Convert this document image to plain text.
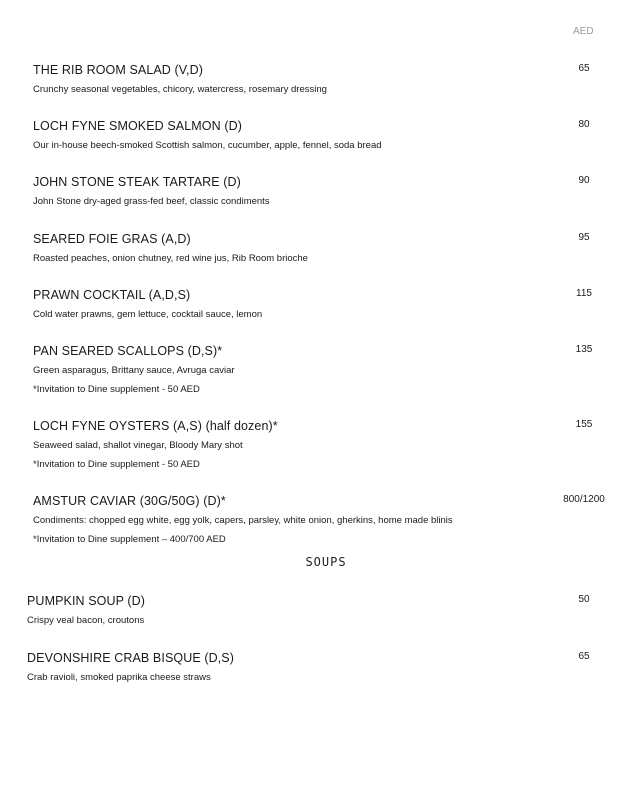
AED
THE RIB ROOM SALAD (V,D)
Crunchy seasonal vegetables, chicory, watercress, rosemary dressing
65
LOCH FYNE SMOKED SALMON (D)
Our in-house beech-smoked Scottish salmon, cucumber, apple, fennel, soda bread
80
JOHN STONE STEAK TARTARE (D)
John Stone dry-aged grass-fed beef, classic condiments
90
SEARED FOIE GRAS (A,D)
Roasted peaches, onion chutney, red wine jus, Rib Room brioche
95
PRAWN COCKTAIL (A,D,S)
Cold water prawns, gem lettuce, cocktail sauce, lemon
115
PAN SEARED SCALLOPS (D,S)*
Green asparagus, Brittany sauce, Avruga caviar
*Invitation to Dine supplement - 50 AED
135
LOCH FYNE OYSTERS (A,S) (half dozen)*
Seaweed salad, shallot vinegar, Bloody Mary shot
*Invitation to Dine supplement - 50 AED
155
AMSTUR CAVIAR (30G/50G) (D)*
Condiments: chopped egg white, egg yolk, capers, parsley, white onion, gherkins, home made blinis
*Invitation to Dine supplement – 400/700 AED
800/1200
SOUPS
PUMPKIN SOUP (D)
Crispy veal bacon, croutons
50
DEVONSHIRE CRAB BISQUE (D,S)
Crab ravioli, smoked paprika cheese straws
65
